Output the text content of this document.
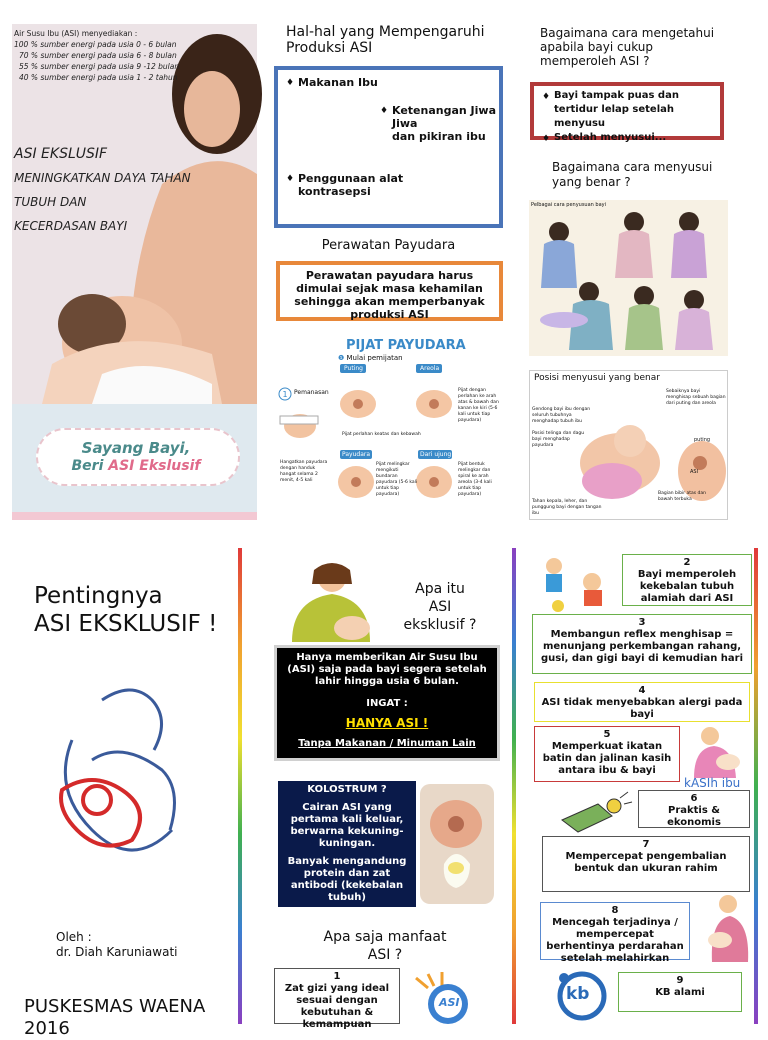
Air Susu Ibu (ASI) menyediakan :
100 % sumber energi pada usia 0 - 6 bulan
70 % sumber energi pada usia 6 - 8 bulan
55 % sumber energi pada usia 9 -12 bulan
40 % sumber energi pada usia 1 - 2 tahun
ASI EKSLUSIF
MENINGKATKAN DAYA TAHAN
TUBUH DAN
KECERDASAN BAYI
Sayang Bayi,
Beri ASI Ekslusif
Hal-hal yang Mempengaruhi
Produksi ASI
♦ Makanan Ibu
♦ Ketenangan Jiwa
Jiwa
dan pikiran ibu
♦ Penggunaan alat
kontrasepsi
Perawatan Payudara
Perawatan payudara harus
dimulai sejak masa kehamilan
sehingga akan memperbanyak
produksi ASI
PIJAT PAYUDARA
❶ Mulai pemijatan
1 Pemanasan
Puting	Areola
Payudara	Dari ujung
Pijat perlahan keatas dan kebawah
Pijat dengan perlahan ke arah atas & bawah dan kanan ke kiri (5-6 kali untuk tiap payudara)
Hangatkan payudara dengan handuk hangat selama 2 menit, 4-5 kali
Pijat melingkar mengikuti bundaran payudara (5-6 kali untuk tiap payudara)
Pijat bentuk melingkar dan spiral ke arah areola (3-4 kali untuk tiap payudara)
Bagaimana cara mengetahui
apabila bayi cukup
memperoleh ASI ?
♦ Bayi tampak puas dan
tertidur lelap setelah
menyusu
♦ Setelah menyusui...
Bagaimana cara menyusui
yang benar ?
Pelbagai cara penyusuan bayi
Posisi menyusui yang benar
Gendong bayi ibu dengan seluruh tubuhnya menghadap tubuh ibu
Posisi telinga dan dagu bayi menghadap payudara
Tahan kepala, leher, dan punggung bayi dengan tangan ibu
Sebaiknya bayi menghisap sebuah bagian dari puting dan areola
puting
ASI
Bagian bibir atas dan bawah terbuka
Pentingnya
ASI EKSKLUSIF !
Oleh :
dr. Diah Karuniawati
PUSKESMAS WAENA
2016
Apa itu
ASI
eksklusif ?
Hanya memberikan Air Susu Ibu
(ASI) saja pada bayi segera setelah
lahir hingga usia 6 bulan.
INGAT :
HANYA ASI !
Tanpa Makanan / Minuman Lain
KOLOSTRUM ?
Cairan ASI yang
pertama kali keluar,
berwarna kekuning-
kuningan.
Banyak mengandung
protein dan zat
antibodi (kekebalan
tubuh)
Apa saja manfaat
ASI ?
1
Zat gizi yang ideal
sesuai dengan
kebutuhan &
kemampuan
ASI
2
Bayi memperoleh
kekebalan tubuh
alamiah dari ASI
3
Membangun reflex menghisap =
menunjang perkembangan rahang,
gusi, dan gigi bayi di kemudian hari
4
ASI tidak menyebabkan alergi pada
bayi
5
Memperkuat ikatan
batin dan jalinan kasih
antara ibu & bayi
kASIh ibu
6
Praktis &
ekonomis
7
Mempercepat pengembalian
bentuk dan ukuran rahim
8
Mencegah terjadinya /
mempercepat
berhentinya perdarahan
setelah melahirkan
kb
9
KB alami
